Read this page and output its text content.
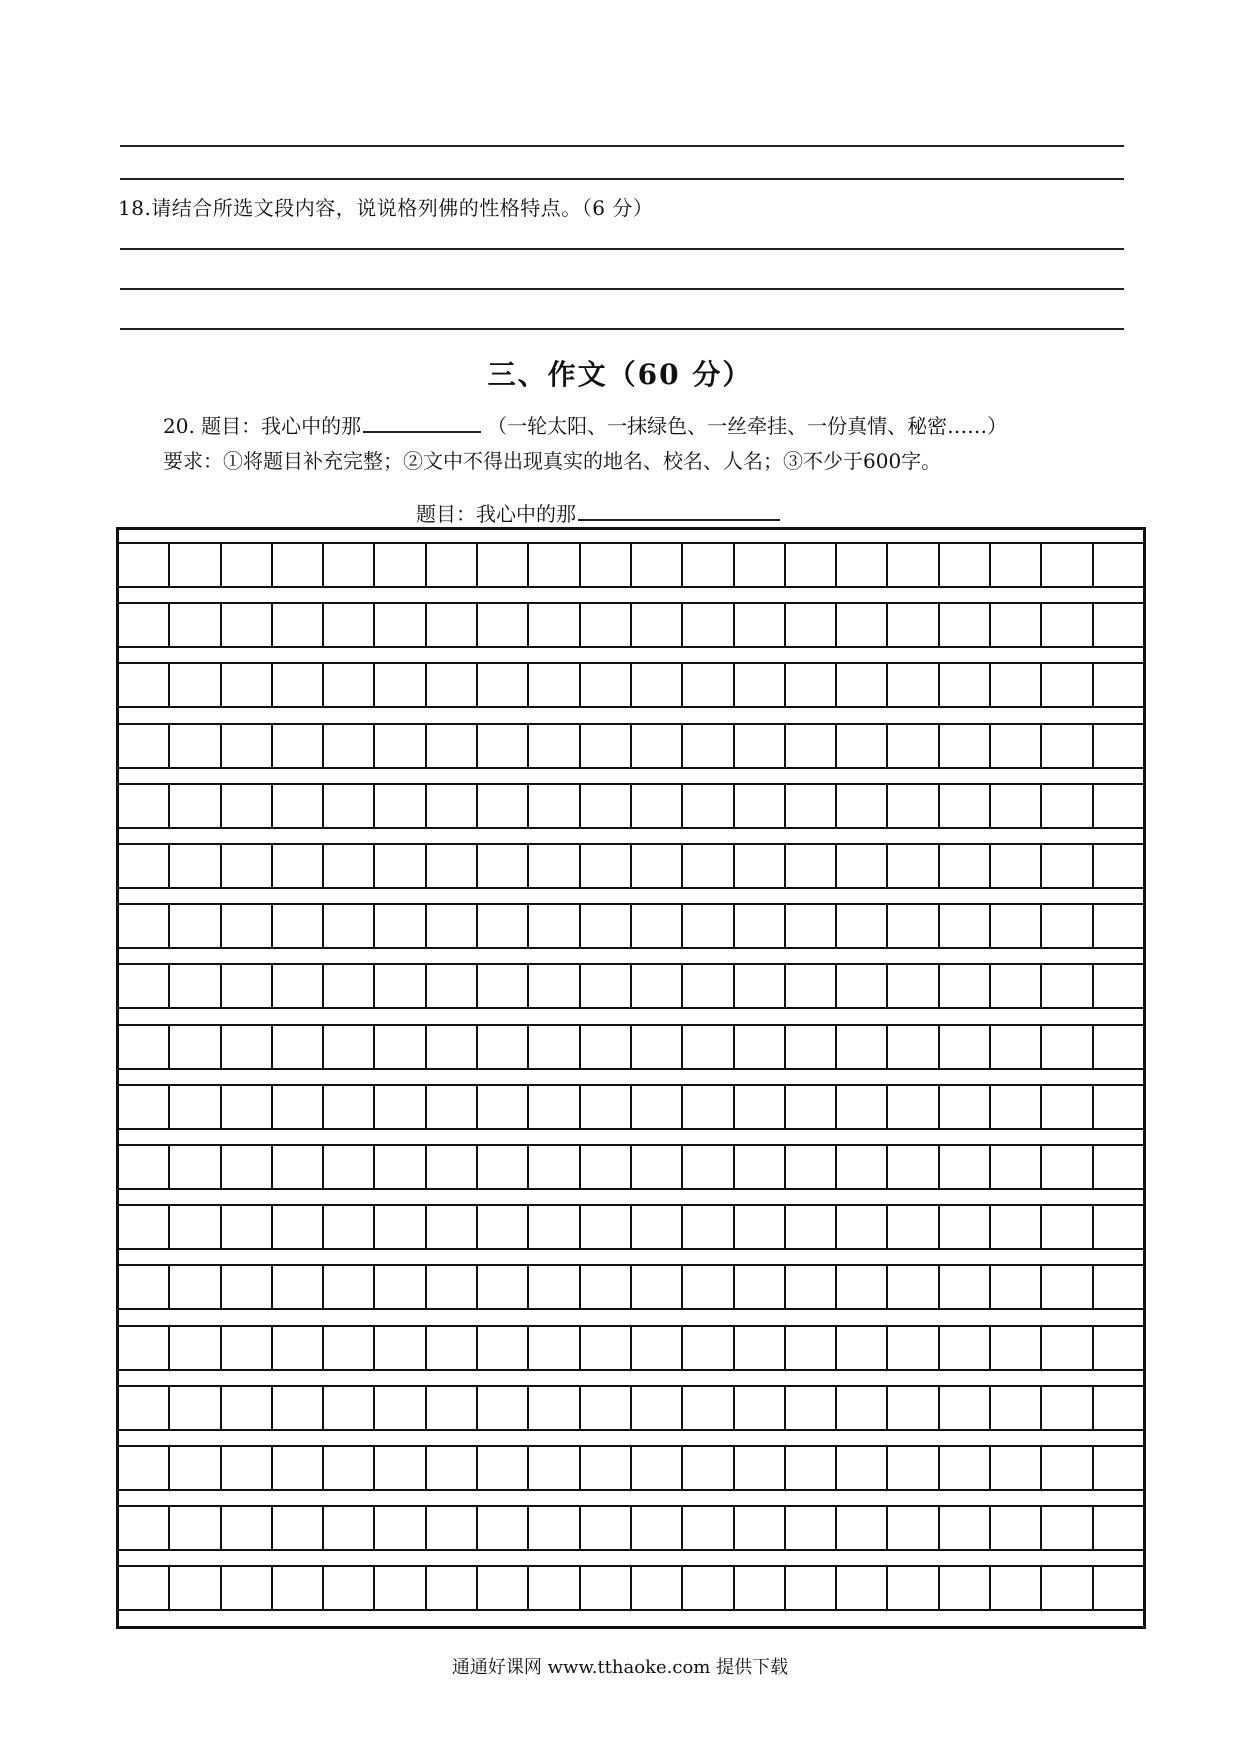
18.请结合所选文段内容，说说格列佛的性格特点。（6 分）
三、作文（60 分）
20. 题目：我心中的那	（一轮太阳、一抹绿色、一丝牵挂、一份真情、秘密……）
要求：①将题目补充完整；②文中不得出现真实的地名、校名、人名；③不少于600字。
题目：我心中的那
通通好课网 www.tthaoke.com 提供下载
